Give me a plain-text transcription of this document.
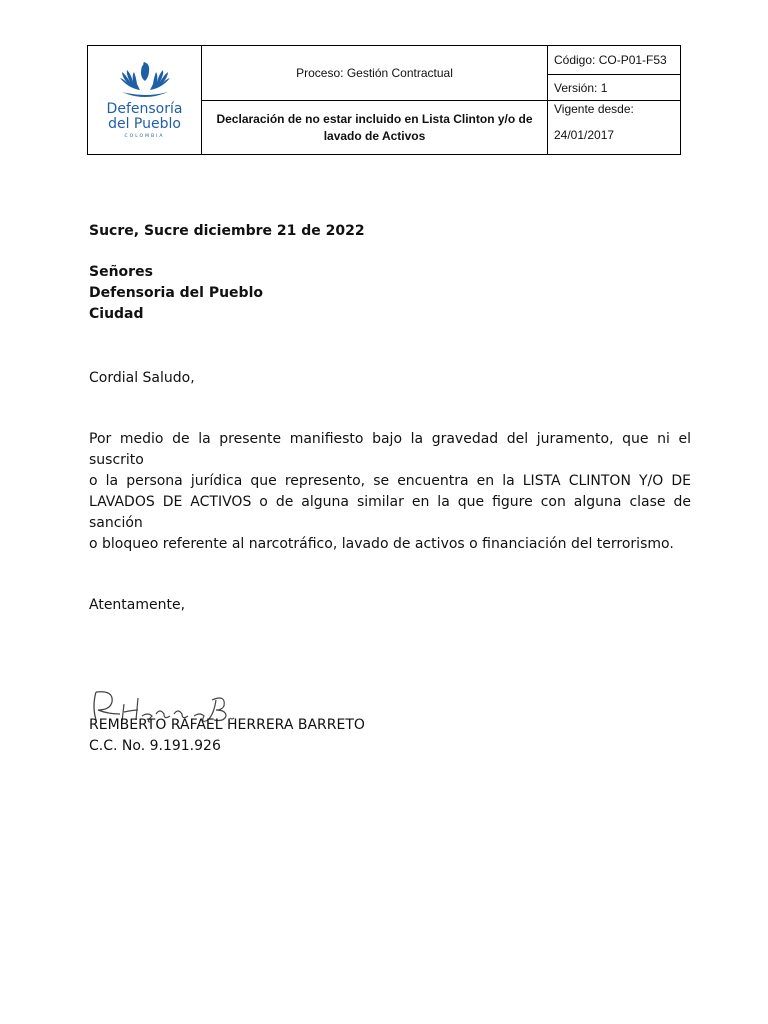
Defensoría
del Pueblo
COLOMBIA	Proceso: Gestión Contractual	Código: CO-P01-F53
		Versión: 1
	Declaración de no estar incluido en Lista Clinton y/o de lavado de Activos	Vigente desde:
24/01/2017
Sucre, Sucre diciembre 21 de 2022
Señores
Defensoria del Pueblo
Ciudad
Cordial Saludo,
Por medio de la presente manifiesto bajo la gravedad del juramento, que ni el suscrito
o la persona jurídica que represento, se encuentra en la LISTA CLINTON Y/O DE
LAVADOS DE ACTIVOS o de alguna similar en la que figure con alguna clase de sanción
o bloqueo referente al narcotráfico, lavado de activos o financiación del terrorismo.
Atentamente,
REMBERTO RAFAEL HERRERA BARRETO
C.C. No. 9.191.926
